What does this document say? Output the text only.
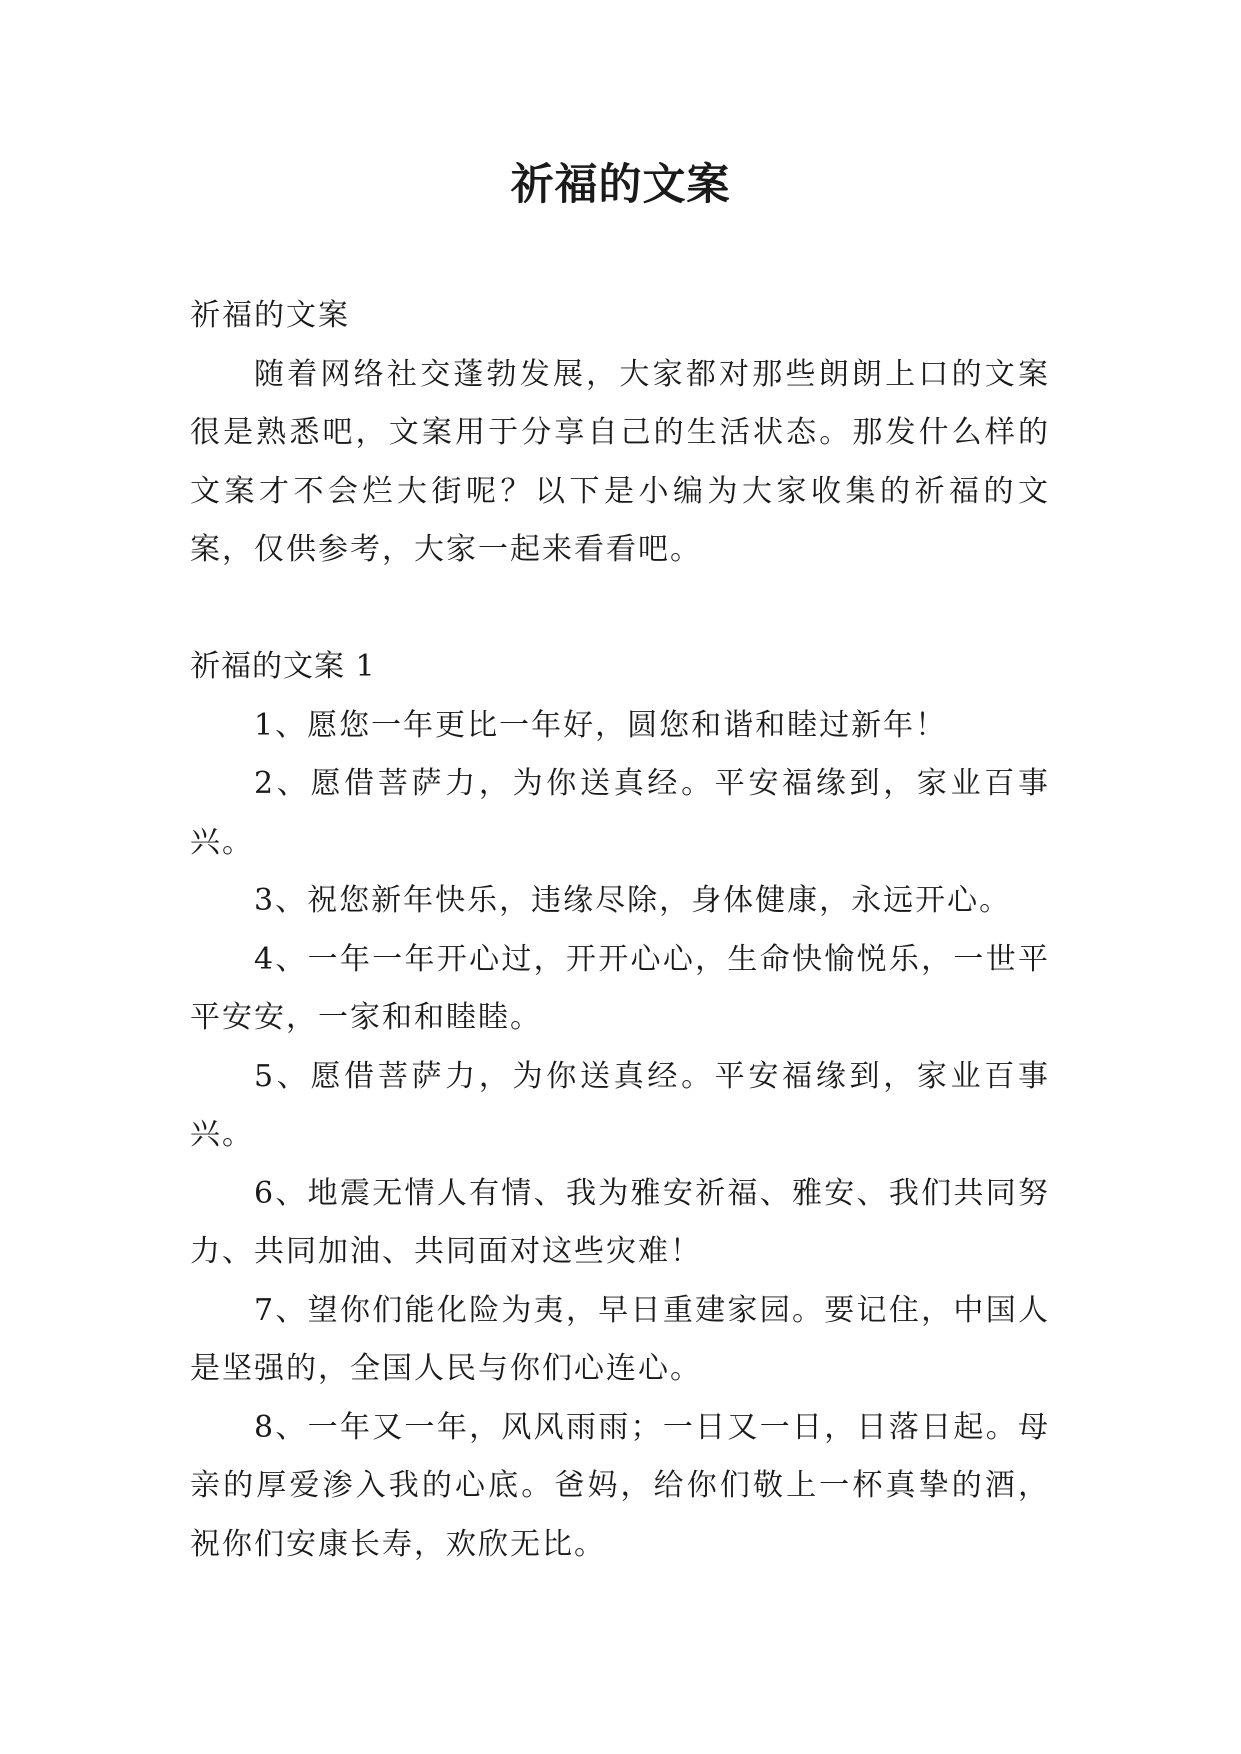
祈福的文案

祈福的文案

随着网络社交蓬勃发展，大家都对那些朗朗上口的文案很是熟悉吧，文案用于分享自己的生活状态。那发什么样的文案才不会烂大街呢？以下是小编为大家收集的祈福的文案，仅供参考，大家一起来看看吧。

祈福的文案 1

1、愿您一年更比一年好，圆您和谐和睦过新年！

2、愿借菩萨力，为你送真经。平安福缘到，家业百事兴。

3、祝您新年快乐，违缘尽除，身体健康，永远开心。

4、一年一年开心过，开开心心，生命快愉悦乐，一世平平安安，一家和和睦睦。

5、愿借菩萨力，为你送真经。平安福缘到，家业百事兴。

6、地震无情人有情、我为雅安祈福、雅安、我们共同努力、共同加油、共同面对这些灾难！

7、望你们能化险为夷，早日重建家园。要记住，中国人是坚强的，全国人民与你们心连心。

8、一年又一年，风风雨雨；一日又一日，日落日起。母亲的厚爱渗入我的心底。爸妈，给你们敬上一杯真挚的酒，祝你们安康长寿，欢欣无比。
